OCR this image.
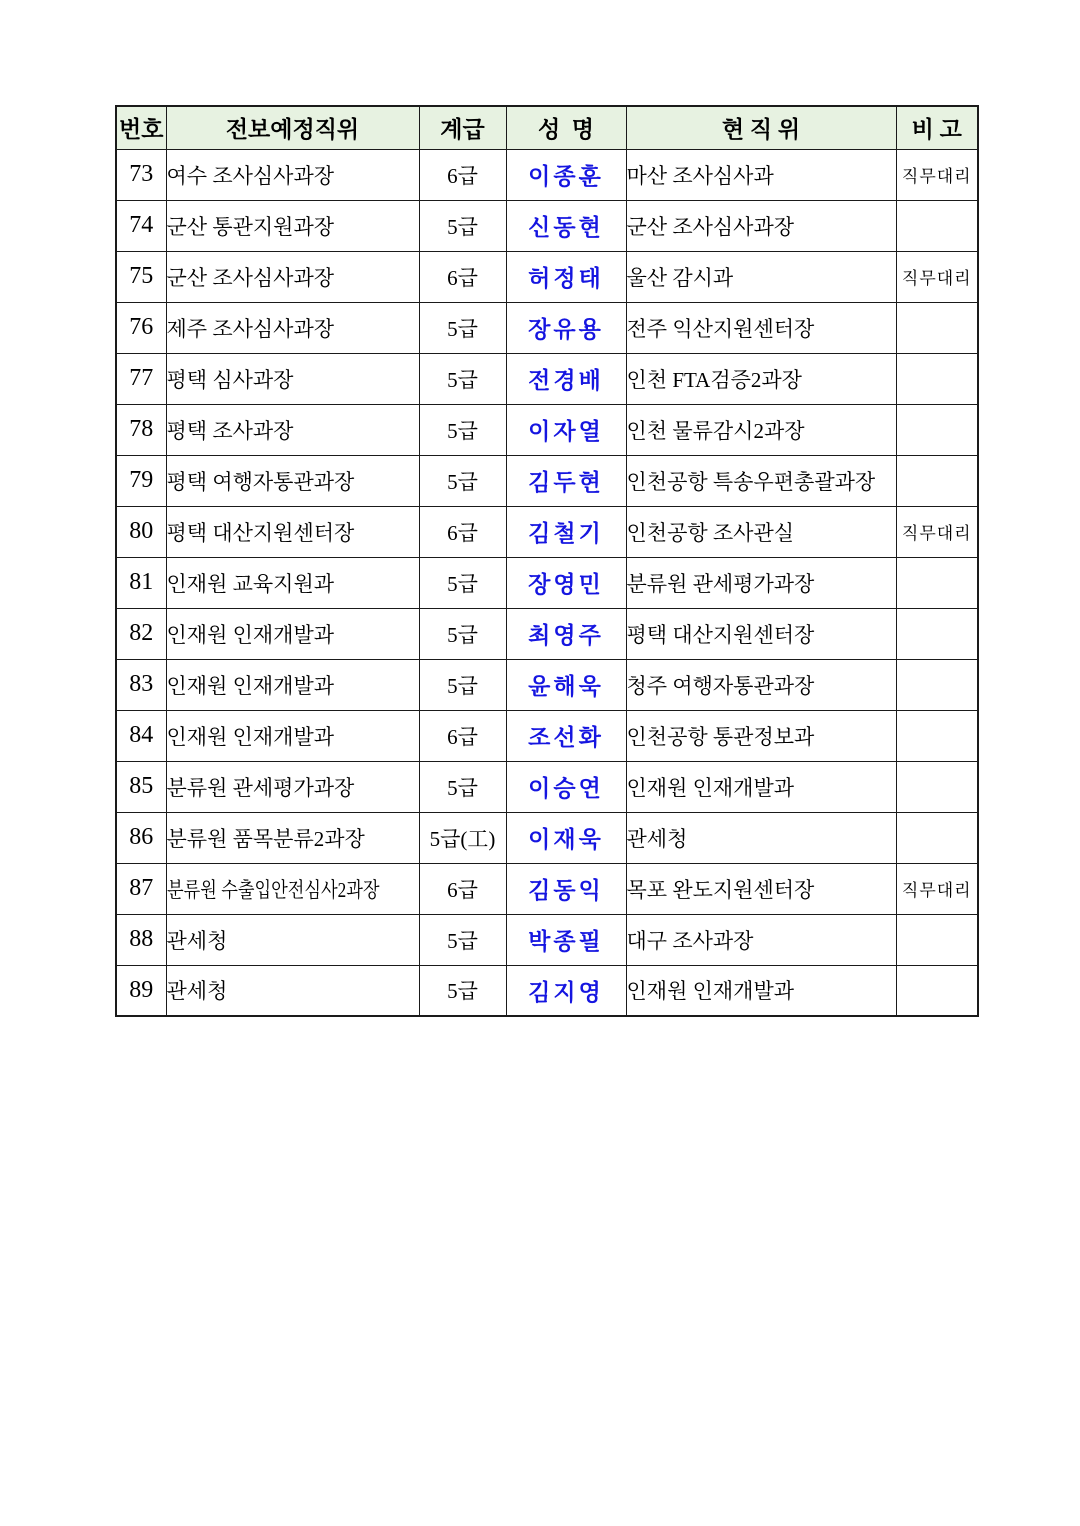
번호	전보예정직위	계급	성  명	현 직 위	비 고
73	여수 조사심사과장	6급	이종훈	마산 조사심사과	직무대리
74	군산 통관지원과장	5급	신동현	군산 조사심사과장	
75	군산 조사심사과장	6급	허정태	울산 감시과	직무대리
76	제주 조사심사과장	5급	장유용	전주 익산지원센터장	
77	평택 심사과장	5급	전경배	인천 FTA검증2과장	
78	평택 조사과장	5급	이자열	인천 물류감시2과장	
79	평택 여행자통관과장	5급	김두현	인천공항 특송우편총괄과장	
80	평택 대산지원센터장	6급	김철기	인천공항 조사관실	직무대리
81	인재원 교육지원과	5급	장영민	분류원 관세평가과장	
82	인재원 인재개발과	5급	최영주	평택 대산지원센터장	
83	인재원 인재개발과	5급	윤해욱	청주 여행자통관과장	
84	인재원 인재개발과	6급	조선화	인천공항 통관정보과	
85	분류원 관세평가과장	5급	이승연	인재원 인재개발과	
86	분류원 품목분류2과장	5급(工)	이재욱	관세청	
87	분류원 수출입안전심사2과장	6급	김동익	목포 완도지원센터장	직무대리
88	관세청	5급	박종필	대구 조사과장	
89	관세청	5급	김지영	인재원 인재개발과	
